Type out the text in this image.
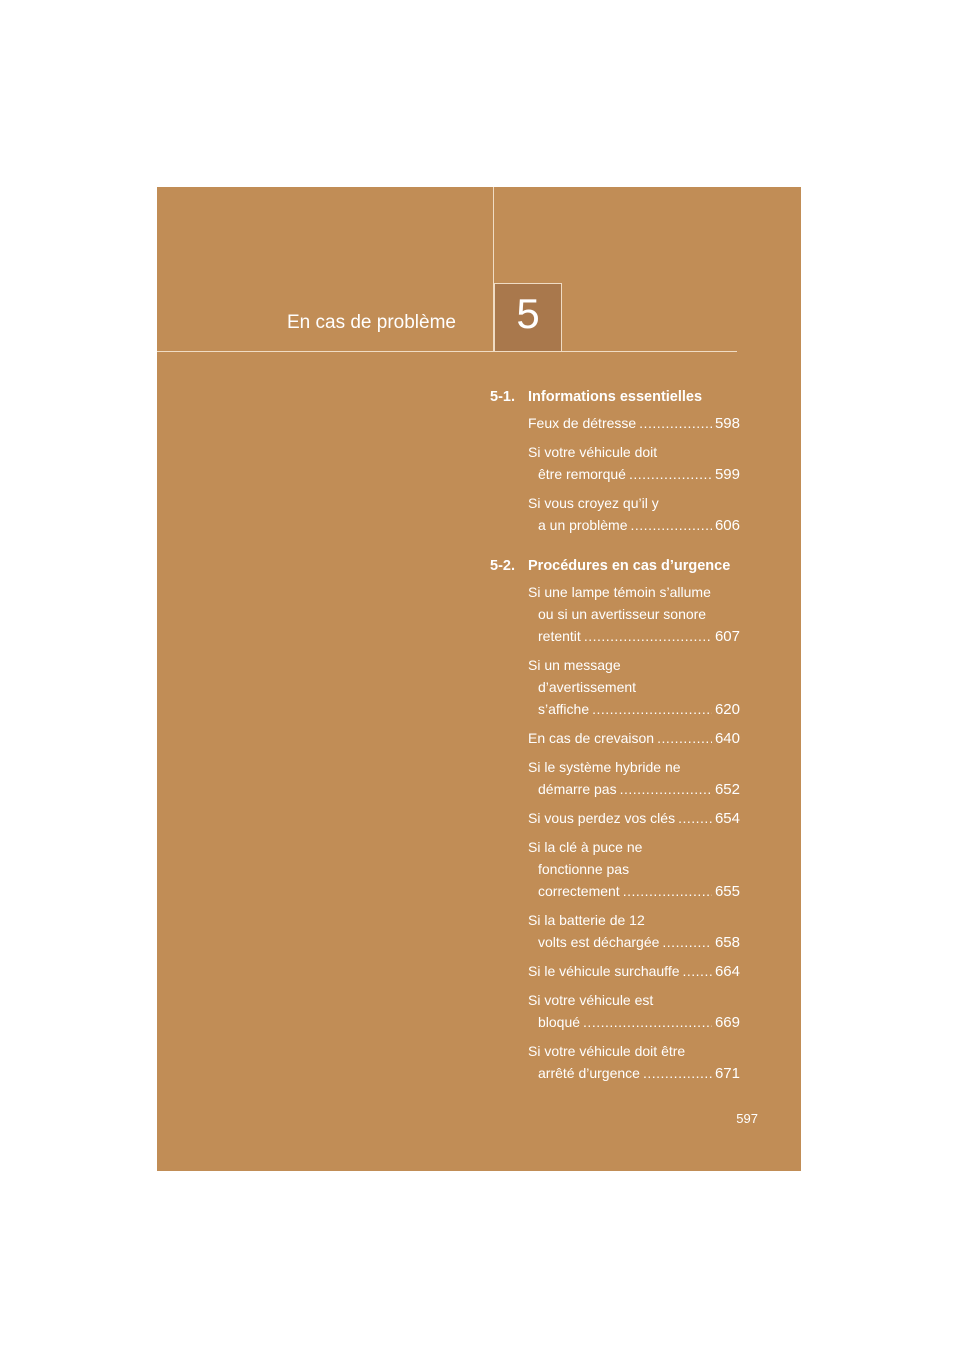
En cas de problème	5
5-1. Informations essentielles
Feux de détresse .....	598
Si votre véhicule doit
être remorqué .....	599
Si vous croyez qu’il y
a un problème .....	606
5-2. Procédures en cas d’urgence
Si une lampe témoin s’allume
ou si un avertisseur sonore
retentit .....	607
Si un message
d’avertissement
s’affiche .....	620
En cas de crevaison .....	640
Si le système hybride ne
démarre pas .....	652
Si vous perdez vos clés .....	654
Si la clé à puce ne
fonctionne pas
correctement .....	655
Si la batterie de 12
volts est déchargée .....	658
Si le véhicule surchauffe ..... 664
Si votre véhicule est
bloqué .....	669
Si votre véhicule doit être
arrêté d’urgence .....	671
597
